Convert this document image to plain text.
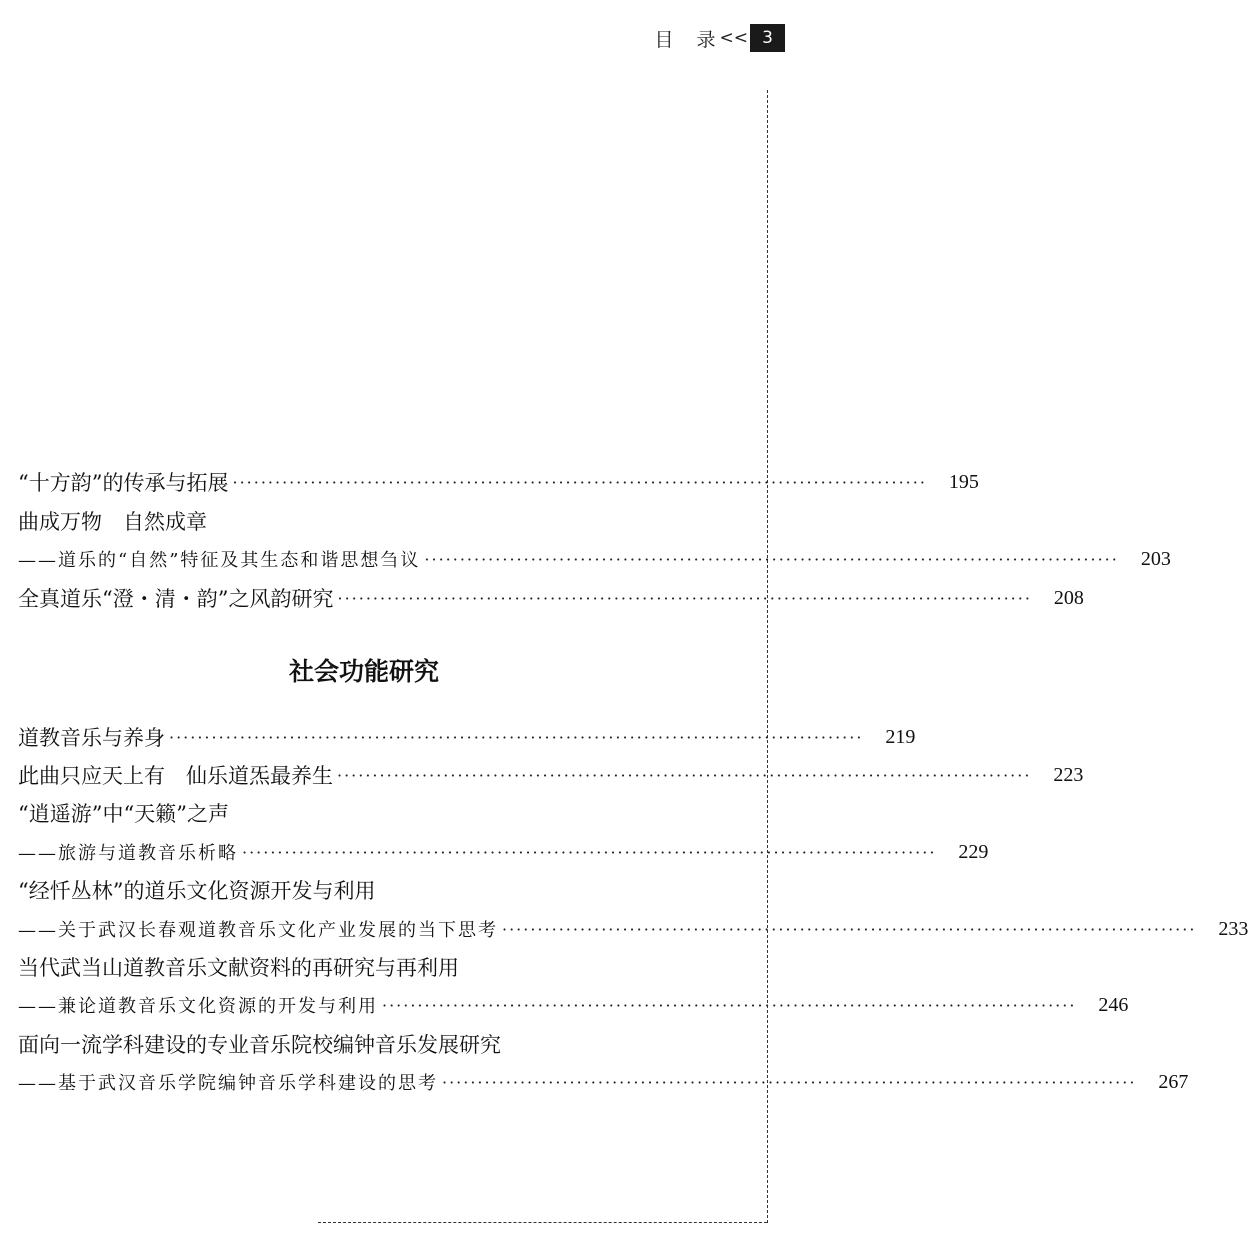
目　录 << 3
“十方韵”的传承与拓展 ··································································································	195
曲成万物　自然成章
——道乐的“自然”特征及其生态和谐思想刍议 ··································································································	203
全真道乐“澄・清・韵”之风韵研究 ··································································································	208
社会功能研究
道教音乐与养身 ··································································································	219
此曲只应天上有　仙乐道炁最养生 ··································································································	223
“逍遥游”中“天籁”之声
——旅游与道教音乐析略 ··································································································	229
“经忏丛林”的道乐文化资源开发与利用
——关于武汉长春观道教音乐文化产业发展的当下思考 ··································································································	233
当代武当山道教音乐文献资料的再研究与再利用
——兼论道教音乐文化资源的开发与利用 ··································································································	246
面向一流学科建设的专业音乐院校编钟音乐发展研究
——基于武汉音乐学院编钟音乐学科建设的思考 ··································································································	267
